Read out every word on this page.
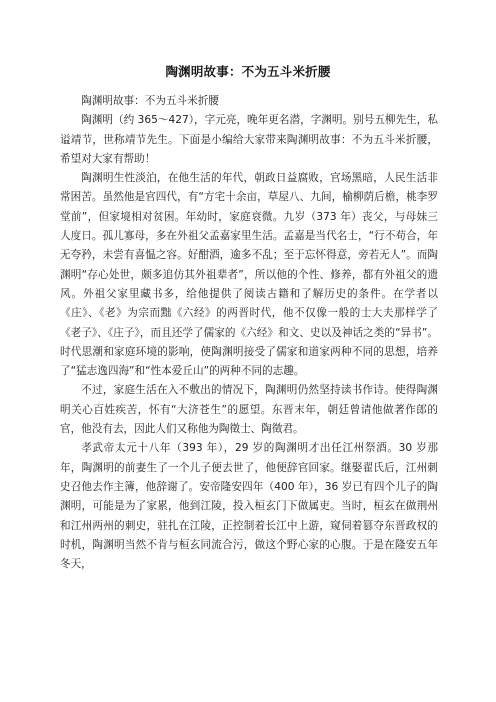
陶渊明故事：不为五斗米折腰

陶渊明故事：不为五斗米折腰

陶渊明（约 365～427），字元亮，晚年更名潜，字渊明。别号五柳先生，私谥靖节，世称靖节先生。下面是小编给大家带来陶渊明故事：不为五斗米折腰，希望对大家有帮助！

陶渊明生性淡泊，在他生活的年代，朝政日益腐败，官场黑暗，人民生活非常困苦。虽然他是官四代，有“方宅十余亩，草屋八、九间，榆柳荫后檐，桃李罗堂前”，但家境相对贫困。年幼时，家庭衰微。九岁（373 年）丧父，与母妹三人度日。孤儿寡母，多在外祖父孟嘉家里生活。孟嘉是当代名士，“行不苟合，年无夸矜，未尝有喜愠之容。好酣酒，逾多不乱；至于忘怀得意，旁若无人”。而陶渊明“存心处世，颇多追仿其外祖辈者”，所以他的个性、修养，都有外祖父的遗风。外祖父家里藏书多，给他提供了阅读古籍和了解历史的条件。在学者以《庄》、《老》为宗而黜《六经》的两晋时代，他不仅像一般的士大夫那样学了《老子》、《庄子》，而且还学了儒家的《六经》和文、史以及神话之类的“异书”。时代思潮和家庭环境的影响，使陶渊明接受了儒家和道家两种不同的思想，培养了“猛志逸四海”和“性本爱丘山”的两种不同的志趣。

不过，家庭生活在入不敷出的情况下，陶渊明仍然坚持读书作诗。使得陶渊明关心百姓疾苦，怀有“大济苍生”的愿望。东晋末年，朝廷曾请他做著作郎的官，他没有去，因此人们又称他为陶徵士、陶徵君。

孝武帝太元十八年（393 年），29 岁的陶渊明才出任江州祭酒。30 岁那年，陶渊明的前妻生了一个儿子便去世了，他便辞官回家。继娶翟氏后，江州刺史召他去作主簿，他辞谢了。安帝隆安四年（400 年），36 岁已有四个儿子的陶渊明，可能是为了家累，他到江陵，投入桓玄门下做属吏。当时，桓玄在做荆州和江州两州的刺史，驻扎在江陵，正控制着长江中上游，窥伺着篡夺东晋政权的时机，陶渊明当然不肯与桓玄同流合污，做这个野心家的心腹。于是在隆安五年冬天，
